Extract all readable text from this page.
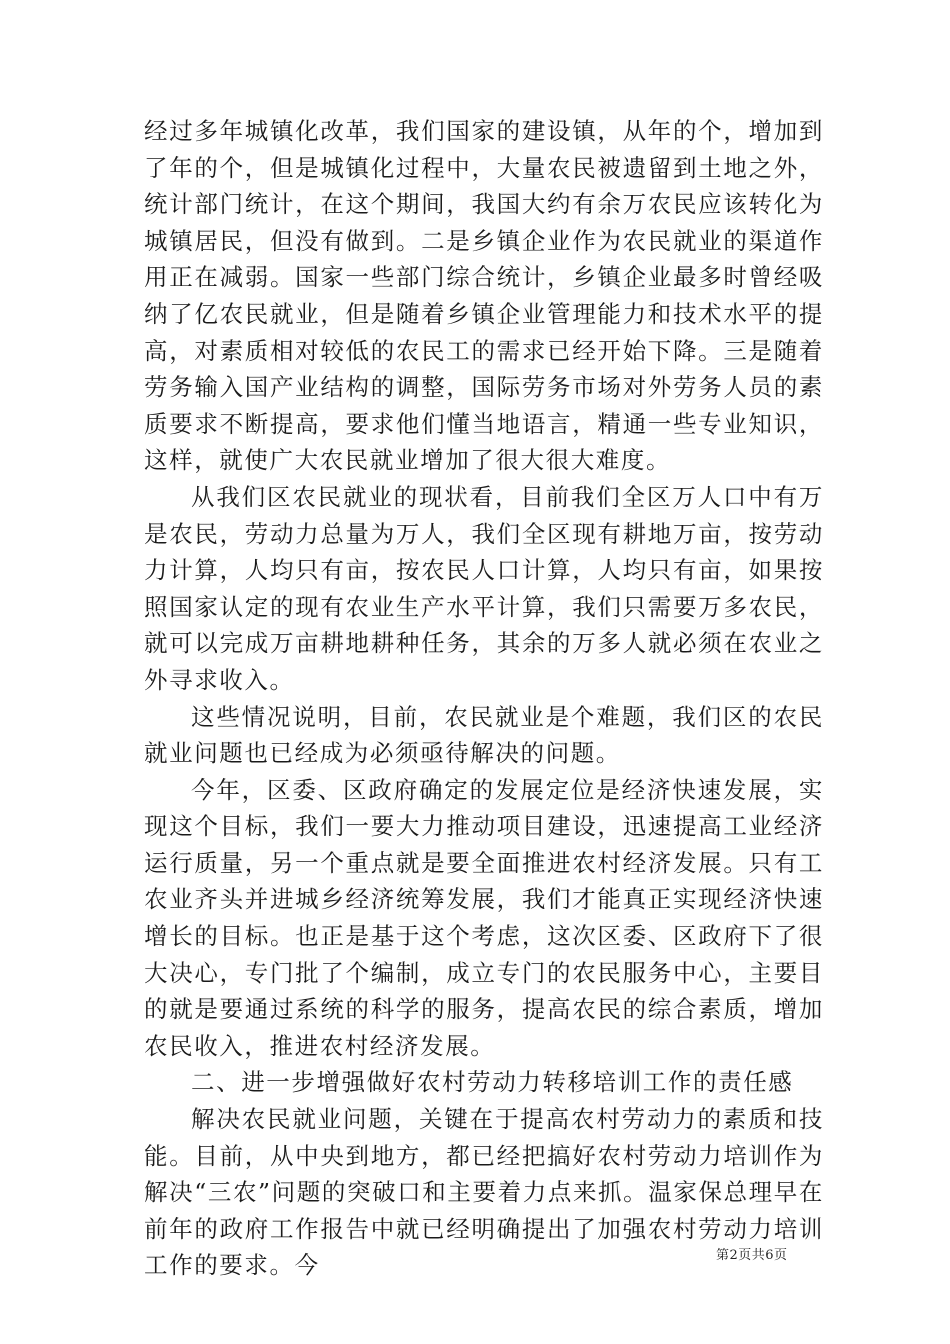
经过多年城镇化改革，我们国家的建设镇，从年的个，增加到了年的个，但是城镇化过程中，大量农民被遗留到土地之外，统计部门统计，在这个期间，我国大约有余万农民应该转化为城镇居民，但没有做到。二是乡镇企业作为农民就业的渠道作用正在减弱。国家一些部门综合统计，乡镇企业最多时曾经吸纳了亿农民就业，但是随着乡镇企业管理能力和技术水平的提高，对素质相对较低的农民工的需求已经开始下降。三是随着劳务输入国产业结构的调整，国际劳务市场对外劳务人员的素质要求不断提高，要求他们懂当地语言，精通一些专业知识，这样，就使广大农民就业增加了很大很大难度。

从我们区农民就业的现状看，目前我们全区万人口中有万是农民，劳动力总量为万人，我们全区现有耕地万亩，按劳动力计算，人均只有亩，按农民人口计算，人均只有亩，如果按照国家认定的现有农业生产水平计算，我们只需要万多农民，就可以完成万亩耕地耕种任务，其余的万多人就必须在农业之外寻求收入。

这些情况说明，目前，农民就业是个难题，我们区的农民就业问题也已经成为必须亟待解决的问题。

今年，区委、区政府确定的发展定位是经济快速发展，实现这个目标，我们一要大力推动项目建设，迅速提高工业经济运行质量，另一个重点就是要全面推进农村经济发展。只有工农业齐头并进城乡经济统筹发展，我们才能真正实现经济快速增长的目标。也正是基于这个考虑，这次区委、区政府下了很大决心，专门批了个编制，成立专门的农民服务中心，主要目的就是要通过系统的科学的服务，提高农民的综合素质，增加农民收入，推进农村经济发展。

二、进一步增强做好农村劳动力转移培训工作的责任感

解决农民就业问题，关键在于提高农村劳动力的素质和技能。目前，从中央到地方，都已经把搞好农村劳动力培训作为解决“三农”问题的突破口和主要着力点来抓。温家保总理早在前年的政府工作报告中就已经明确提出了加强农村劳动力培训工作的要求。今	第2页共6页
